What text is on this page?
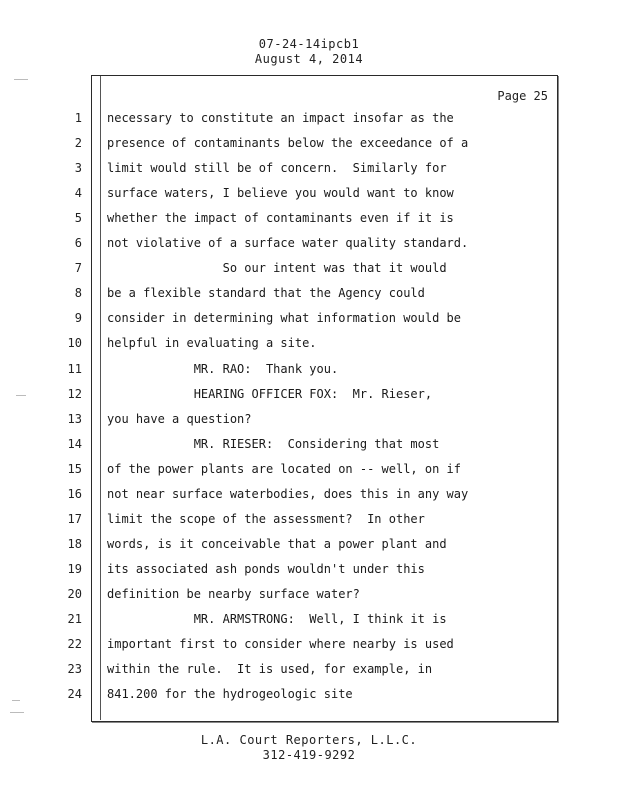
07-24-14ipcb1
August 4, 2014
Page 25
1 necessary to constitute an impact insofar as the
2 presence of contaminants below the exceedance of a
3 limit would still be of concern.  Similarly for
4 surface waters, I believe you would want to know
5 whether the impact of contaminants even if it is
6 not violative of a surface water quality standard.
7 So our intent was that it would
8 be a flexible standard that the Agency could
9 consider in determining what information would be
10 helpful in evaluating a site.
11 MR. RAO:  Thank you.
12 HEARING OFFICER FOX:  Mr. Rieser,
13 you have a question?
14 MR. RIESER:  Considering that most
15 of the power plants are located on -- well, on if
16 not near surface waterbodies, does this in any way
17 limit the scope of the assessment?  In other
18 words, is it conceivable that a power plant and
19 its associated ash ponds wouldn't under this
20 definition be nearby surface water?
21 MR. ARMSTRONG:  Well, I think it is
22 important first to consider where nearby is used
23 within the rule.  It is used, for example, in
24 841.200 for the hydrogeologic site
L.A. Court Reporters, L.L.C.
312-419-9292
